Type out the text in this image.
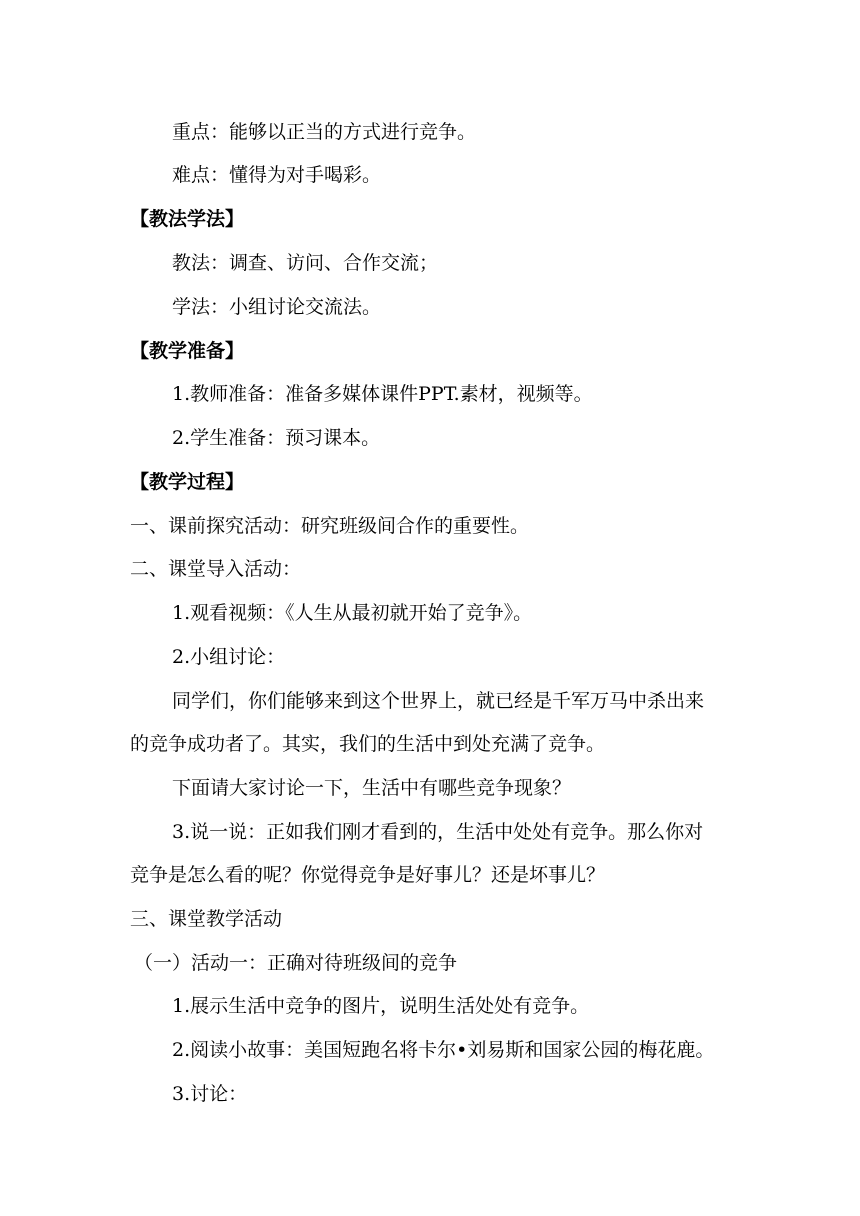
重点：能够以正当的方式进行竞争。
难点：懂得为对手喝彩。
【教法学法】
教法：调查、访问、合作交流；
学法：小组讨论交流法。
【教学准备】
1.教师准备：准备多媒体课件PPT.素材，视频等。
2.学生准备：预习课本。
【教学过程】
一、课前探究活动：研究班级间合作的重要性。
二、课堂导入活动：
1.观看视频：《人生从最初就开始了竞争》。
2.小组讨论：
同学们，你们能够来到这个世界上，就已经是千军万马中杀出来
的竞争成功者了。其实，我们的生活中到处充满了竞争。
下面请大家讨论一下，生活中有哪些竞争现象？
3.说一说：正如我们刚才看到的，生活中处处有竞争。那么你对
竞争是怎么看的呢？你觉得竞争是好事儿？还是坏事儿？
三、课堂教学活动
（一）活动一：正确对待班级间的竞争
1.展示生活中竞争的图片，说明生活处处有竞争。
2.阅读小故事：美国短跑名将卡尔•刘易斯和国家公园的梅花鹿。
3.讨论：
